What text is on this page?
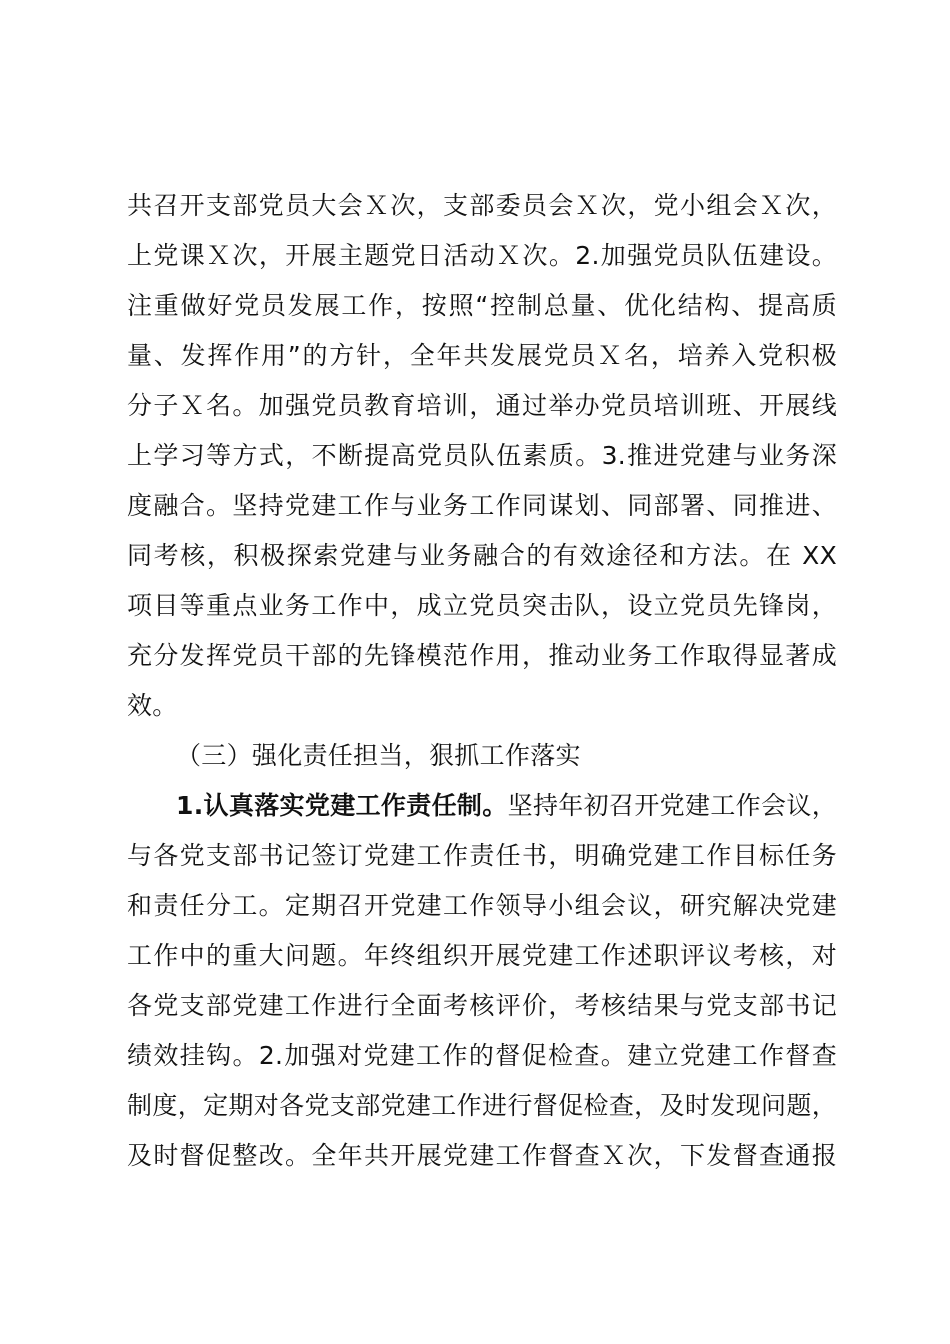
共召开支部党员大会Ｘ次，支部委员会Ｘ次，党小组会Ｘ次，
上党课Ｘ次，开展主题党日活动Ｘ次。2.加强党员队伍建设。
注重做好党员发展工作，按照“控制总量、优化结构、提高质
量、发挥作用”的方针，全年共发展党员Ｘ名，培养入党积极
分子Ｘ名。加强党员教育培训，通过举办党员培训班、开展线
上学习等方式，不断提高党员队伍素质。3.推进党建与业务深
度融合。坚持党建工作与业务工作同谋划、同部署、同推进、
同考核，积极探索党建与业务融合的有效途径和方法。在 XX
项目等重点业务工作中，成立党员突击队，设立党员先锋岗，
充分发挥党员干部的先锋模范作用，推动业务工作取得显著成
效。
（三）强化责任担当，狠抓工作落实
1.认真落实党建工作责任制。坚持年初召开党建工作会议，
与各党支部书记签订党建工作责任书，明确党建工作目标任务
和责任分工。定期召开党建工作领导小组会议，研究解决党建
工作中的重大问题。年终组织开展党建工作述职评议考核，对
各党支部党建工作进行全面考核评价，考核结果与党支部书记
绩效挂钩。2.加强对党建工作的督促检查。建立党建工作督查
制度，定期对各党支部党建工作进行督促检查，及时发现问题，
及时督促整改。全年共开展党建工作督查Ｘ次，下发督查通报
